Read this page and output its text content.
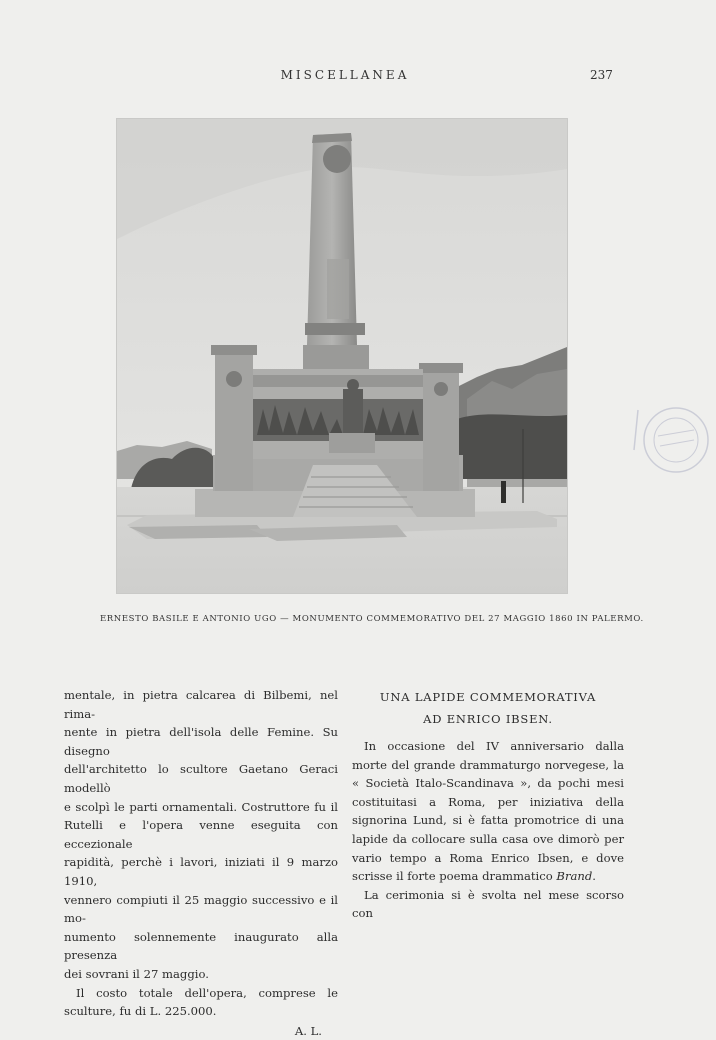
MISCELLANEA	237
ERNESTO BASILE E ANTONIO UGO — MONUMENTO COMMEMORATIVO DEL 27 MAGGIO 1860 IN PALERMO.

mentale, in pietra calcarea di Bilbemi, nel rima-
nente in pietra dell'isola delle Femine. Su disegno
dell'architetto lo scultore Gaetano Geraci modellò
e scolpì le parti ornamentali. Costruttore fu il
Rutelli e l'opera venne eseguita con eccezionale
rapidità, perchè i lavori, iniziati il 9 marzo 1910,
vennero compiuti il 25 maggio successivo e il mo-
numento solennemente inaugurato alla presenza
dei sovrani il 27 maggio.

Il costo totale dell'opera, comprese le sculture, fu di L. 225.000.

A. L.

UNA LAPIDE COMMEMORATIVA

AD ENRICO IBSEN.

In occasione del IV anniversario dalla morte del grande drammaturgo norvegese, la « Società Italo-Scandinava », da pochi mesi costituitasi a Roma, per iniziativa della signorina Lund, si è fatta promotrice di una lapide da collocare sulla casa ove dimorò per vario tempo a Roma Enrico Ibsen, e dove scrisse il forte poema drammatico Brand.

La cerimonia si è svolta nel mese scorso con
